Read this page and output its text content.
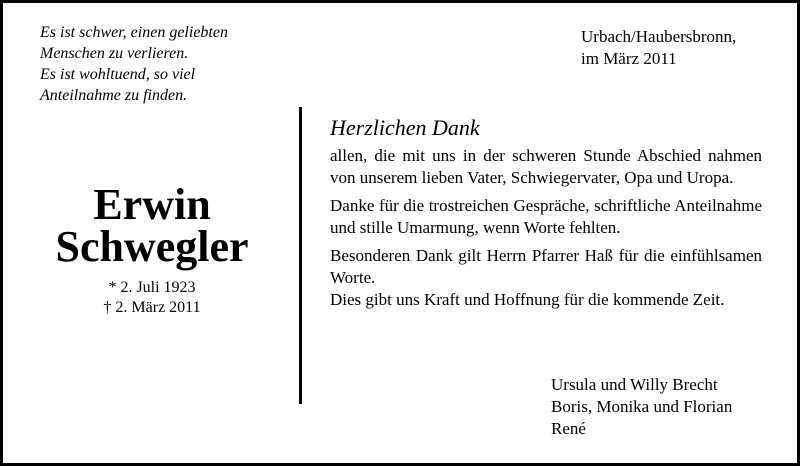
Es ist schwer, einen geliebten
Menschen zu verlieren.
Es ist wohltuend, so viel
Anteilnahme zu finden.
Urbach/Haubersbronn,
im März 2011
Erwin
Schwegler
* 2. Juli 1923
† 2. März 2011
Herzlichen Dank
allen, die mit uns in der schweren Stunde Abschied nahmen von unserem lieben Vater, Schwiegervater, Opa und Uropa.
Danke für die trostreichen Gespräche, schriftliche Anteilnahme und stille Umarmung, wenn Worte fehlten.
Besonderen Dank gilt Herrn Pfarrer Haß für die einfühlsamen Worte.
Dies gibt uns Kraft und Hoffnung für die kommende Zeit.
Ursula und Willy Brecht
Boris, Monika und Florian
René
